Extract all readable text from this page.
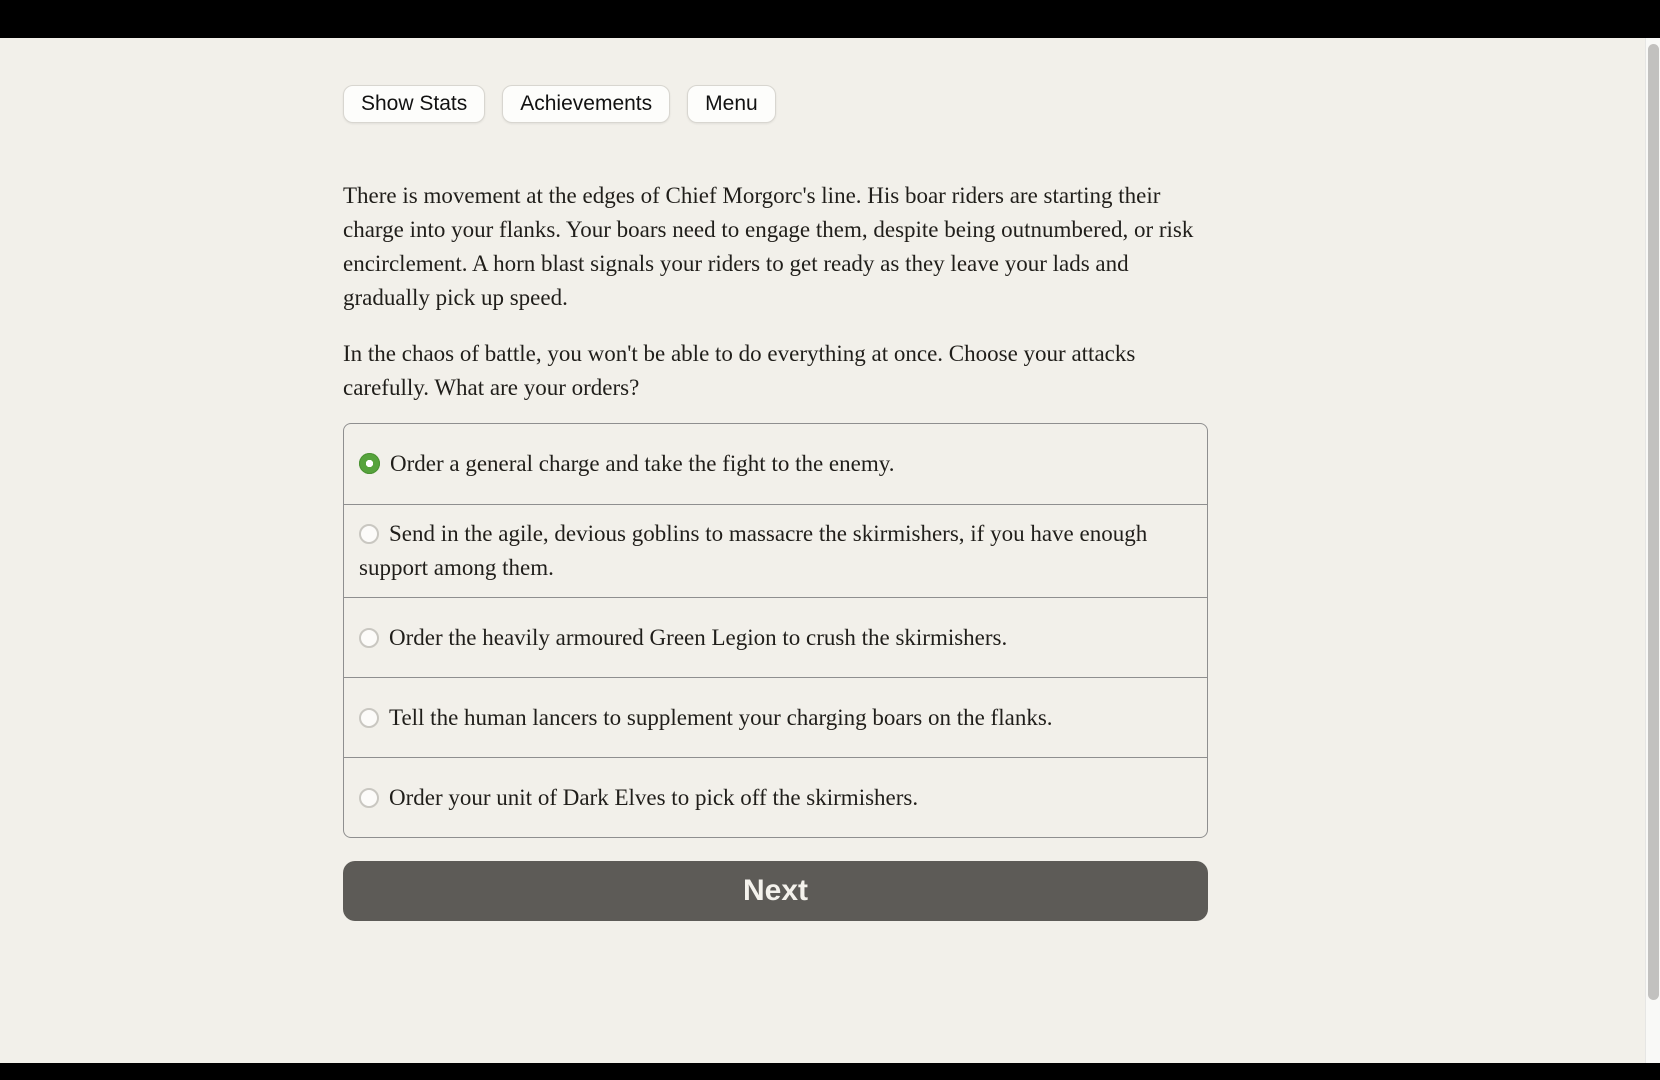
Show Stats	Achievements	Menu

There is movement at the edges of Chief Morgorc's line. His boar riders are starting their charge into your flanks. Your boars need to engage them, despite being outnumbered, or risk encirclement. A horn blast signals your riders to get ready as they leave your lads and gradually pick up speed.

In the chaos of battle, you won't be able to do everything at once. Choose your attacks carefully. What are your orders?

Order a general charge and take the fight to the enemy.
Send in the agile, devious goblins to massacre the skirmishers, if you have enough support among them.
Order the heavily armoured Green Legion to crush the skirmishers.
Tell the human lancers to supplement your charging boars on the flanks.
Order your unit of Dark Elves to pick off the skirmishers.
Next
